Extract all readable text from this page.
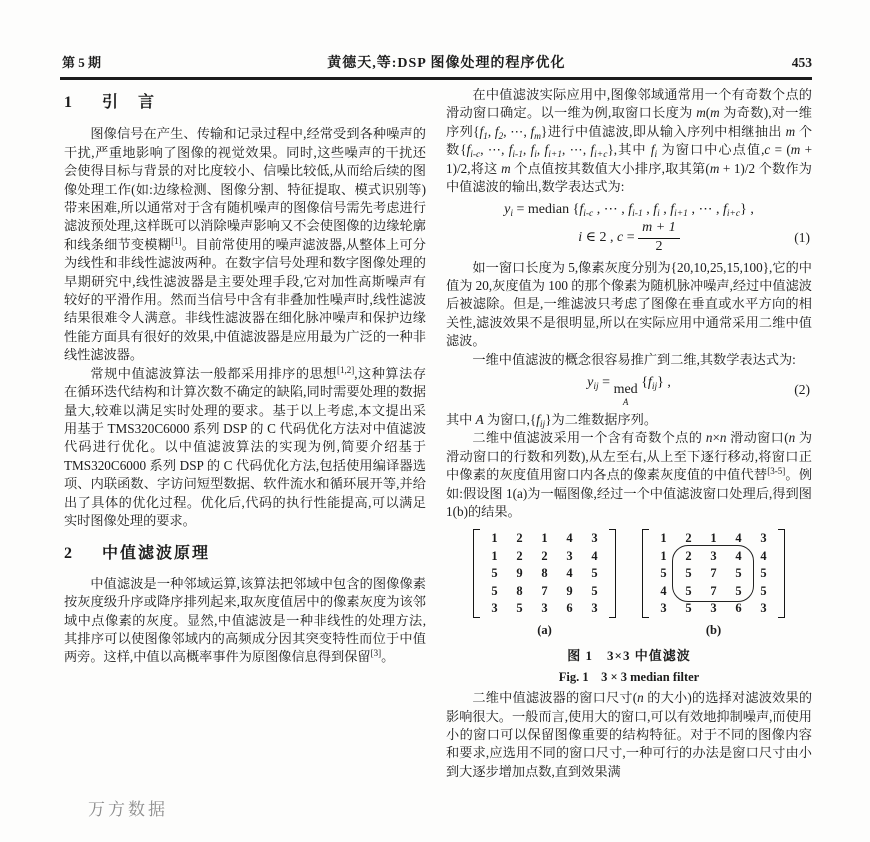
第 5 期	黄德天,等:DSP 图像处理的程序优化	453
1 引　言

图像信号在产生、传输和记录过程中,经常受到各种噪声的干扰,严重地影响了图像的视觉效果。同时,这些噪声的干扰还会使得目标与背景的对比度较小、信噪比较低,从而给后续的图像处理工作(如:边缘检测、图像分割、特征提取、模式识别等)带来困难,所以通常对于含有随机噪声的图像信号需先考虑进行滤波预处理,这样既可以消除噪声影响又不会使图像的边缘轮廓和线条细节变模糊[1]。目前常使用的噪声滤波器,从整体上可分为线性和非线性滤波两种。在数字信号处理和数字图像处理的早期研究中,线性滤波器是主要处理手段,它对加性高斯噪声有较好的平滑作用。然而当信号中含有非叠加性噪声时,线性滤波结果很难令人满意。非线性滤波器在细化脉冲噪声和保护边缘性能方面具有很好的效果,中值滤波器是应用最为广泛的一种非线性滤波器。

常规中值滤波算法一般都采用排序的思想[1,2],这种算法存在循环迭代结构和计算次数不确定的缺陷,同时需要处理的数据量大,较难以满足实时处理的要求。基于以上考虑,本文提出采用基于 TMS320C6000 系列 DSP 的 C 代码优化方法对中值滤波代码进行优化。以中值滤波算法的实现为例,简要介绍基于 TMS320C6000 系列 DSP 的 C 代码优化方法,包括使用编译器选项、内联函数、字访问短型数据、软件流水和循环展开等,并给出了具体的优化过程。优化后,代码的执行性能提高,可以满足实时图像处理的要求。

2 中值滤波原理

中值滤波是一种邻域运算,该算法把邻域中包含的图像像素按灰度级升序或降序排列起来,取灰度值居中的像素灰度为该邻域中点像素的灰度。显然,中值滤波是一种非线性的处理方法,其排序可以使图像邻域内的高频成分因其突变特性而位于中值两旁。这样,中值以高概率事件为原图像信息得到保留[3]。

在中值滤波实际应用中,图像邻域通常用一个有奇数个点的滑动窗口确定。以一维为例,取窗口长度为 m(m 为奇数),对一维序列{$f_1$, $f_2$, ⋯, $f_m$}进行中值滤波,即从输入序列中相继抽出 m 个数{$f_{i-c}$, ⋯, $f_{i-1}$, $f_i$, $f_{i+1}$, ⋯, $f_{i+c}$},其中 $f_i$ 为窗口中心点值,c = (m + 1)/2,将这 m 个点值按其数值大小排序,取其第(m + 1)/2 个数作为中值滤波的输出,数学表达式为:

$y_i$ = median {$f_{i-c}$ , ⋯ , $f_{i-1}$ , $f_i$ , $f_{i+1}$ , ⋯ , $f_{i+c}$} ,
i ∈ 2 , $c = \frac{m + 1}{2}$	(1)

如一窗口长度为 5,像素灰度分别为{20,10,25,15,100},它的中值为 20,灰度值为 100 的那个像素为随机脉冲噪声,经过中值滤波后被滤除。但是,一维滤波只考虑了图像在垂直或水平方向的相关性,滤波效果不是很明显,所以在实际应用中通常采用二维中值滤波。

一维中值滤波的概念很容易推广到二维,其数学表达式为:

$y_{ij}$ = med
A
$\{f_{ij}\}$ ,	(2)

其中 A 为窗口$,\{f_{ij}\}$为二维数据序列。

二维中值滤波采用一个含有奇数个点的 n×n 滑动窗口(n 为滑动窗口的行数和列数),从左至右,从上至下逐行移动,将窗口正中像素的灰度值用窗口内各点的像素灰度值的中值代替[3-5]。例如:假设图 1(a)为一幅图像,经过一个中值滤波窗口处理后,得到图 1(b)的结果。

1 2 1 4 3
1 2 2 3 4
5 9 8 4 5
5 8 7 9 5
3 5 3 6 3
(a)
1 2 1 4 3
1 2 3 4 4
5 5 7 5 5
4 5 7 5 5
3 5 3 6 3
(b)
图 1　3×3 中值滤波
Fig. 1　3 × 3 median filter

二维中值滤波器的窗口尺寸(n 的大小)的选择对滤波效果的影响很大。一般而言,使用大的窗口,可以有效地抑制噪声,而使用小的窗口可以保留图像重要的结构特征。对于不同的图像内容和要求,应选用不同的窗口尺寸,一种可行的办法是窗口尺寸由小到大逐步增加点数,直到效果满

万方数据
